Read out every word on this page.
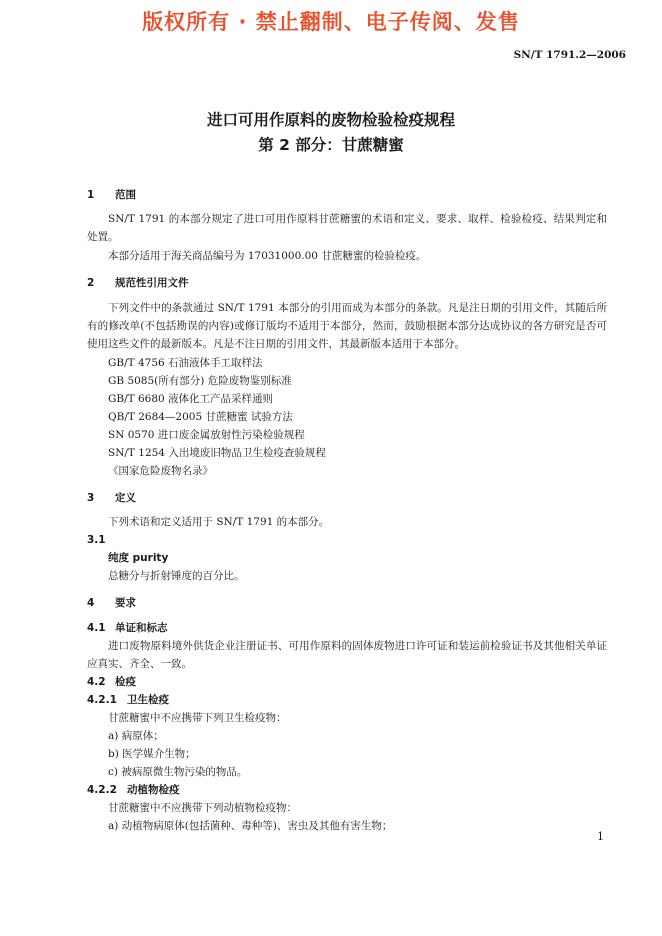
版权所有 · 禁止翻制、电子传阅、发售
SN/T 1791.2—2006
进口可用作原料的废物检验检疫规程
第 2 部分：甘蔗糖蜜
1 范围
SN/T 1791 的本部分规定了进口可用作原料甘蔗糖蜜的术语和定义、要求、取样、检验检疫、结果判定和处置。
本部分适用于海关商品编号为 17031000.00 甘蔗糖蜜的检验检疫。
2 规范性引用文件
下列文件中的条款通过 SN/T 1791 本部分的引用而成为本部分的条款。凡是注日期的引用文件，其随后所有的修改单(不包括勘误的内容)或修订版均不适用于本部分，然而，鼓励根据本部分达成协议的各方研究是否可使用这些文件的最新版本。凡是不注日期的引用文件，其最新版本适用于本部分。
GB/T 4756 石油液体手工取样法
GB 5085(所有部分) 危险废物鉴别标准
GB/T 6680 液体化工产品采样通则
QB/T 2684—2005 甘蔗糖蜜 试验方法
SN 0570 进口废金属放射性污染检验规程
SN/T 1254 入出境废旧物品卫生检疫查验规程
《国家危险废物名录》
3 定义
下列术语和定义适用于 SN/T 1791 的本部分。
3.1
纯度 purity
总糖分与折射锤度的百分比。
4 要求
4.1 单证和标志
进口废物原料境外供货企业注册证书、可用作原料的固体废物进口许可证和装运前检验证书及其他相关单证应真实、齐全、一致。
4.2 检疫
4.2.1 卫生检疫
甘蔗糖蜜中不应携带下列卫生检疫物：
a) 病原体；
b) 医学媒介生物；
c) 被病原微生物污染的物品。
4.2.2 动植物检疫
甘蔗糖蜜中不应携带下列动植物检疫物：
a) 动植物病原体(包括菌种、毒种等)、害虫及其他有害生物；
1
